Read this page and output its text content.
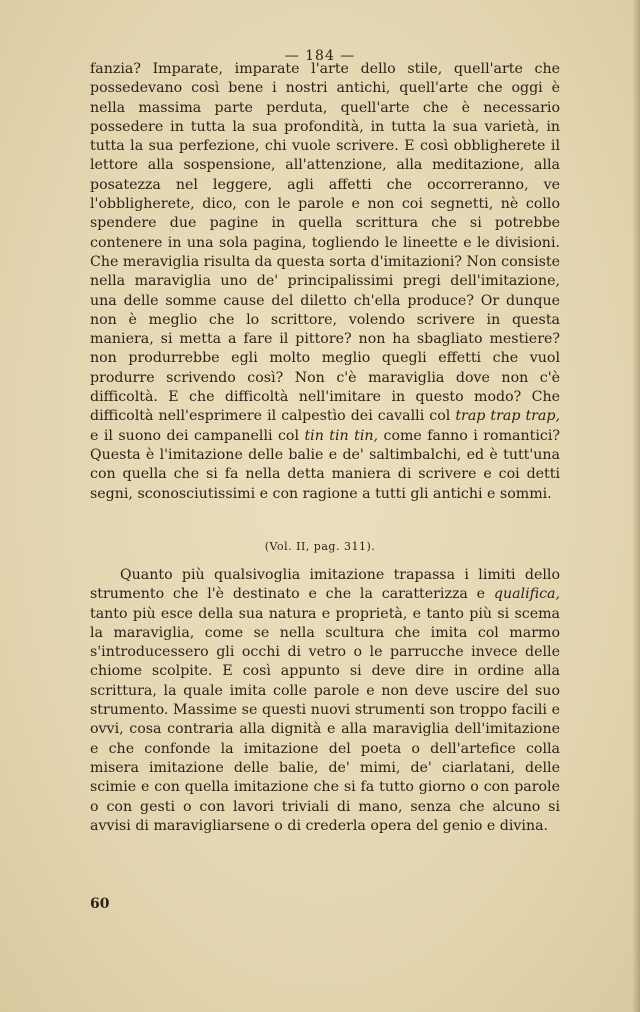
— 184 —

fanzia? Imparate, imparate l'arte dello stile, quell'arte che possedevano così bene i nostri antichi, quell'arte che oggi è nella massima parte perduta, quell'arte che è necessario possedere in tutta la sua profondità, in tutta la sua varietà, in tutta la sua perfezione, chi vuole scrivere. E così obbligherete il lettore alla sospensione, all'attenzione, alla meditazione, alla posatezza nel leggere, agli affetti che occorreranno, ve l'obbligherete, dico, con le parole e non coi segnetti, nè collo spendere due pagine in quella scrittura che si potrebbe contenere in una sola pagina, togliendo le lineette e le divisioni. Che meraviglia risulta da questa sorta d'imitazioni? Non consiste nella maraviglia uno de' principalissimi pregi dell'imitazione, una delle somme cause del diletto ch'ella produce? Or dunque non è meglio che lo scrittore, volendo scrivere in questa maniera, si metta a fare il pittore? non ha sbagliato mestiere? non produrrebbe egli molto meglio quegli effetti che vuol produrre scrivendo così? Non c'è maraviglia dove non c'è difficoltà. E che difficoltà nell'imitare in questo modo? Che difficoltà nell'esprimere il calpestìo dei cavalli col trap trap trap, e il suono dei campanelli col tin tin tin, come fanno i romantici? Questa è l'imitazione delle balie e de' saltimbalchi, ed è tutt'una con quella che si fa nella detta maniera di scrivere e coi detti segni, sconosciutissimi e con ragione a tutti gli antichi e sommi.

(Vol. II, pag. 311).

Quanto più qualsivoglia imitazione trapassa i limiti dello strumento che l'è destinato e che la caratterizza e qualifica, tanto più esce della sua natura e proprietà, e tanto più si scema la maraviglia, come se nella scultura che imita col marmo s'introducessero gli occhi di vetro o le parrucche invece delle chiome scolpite. E così appunto si deve dire in ordine alla scrittura, la quale imita colle parole e non deve uscire del suo strumento. Massime se questi nuovi strumenti son troppo facili e ovvi, cosa contraria alla dignità e alla maraviglia dell'imitazione e che confonde la imitazione del poeta o dell'artefice colla misera imitazione delle balie, de' mimi, de' ciarlatani, delle scimie e con quella imitazione che si fa tutto giorno o con parole o con gesti o con lavori triviali di mano, senza che alcuno si avvisi di maravigliarsene o di crederla opera del genio e divina.

60
